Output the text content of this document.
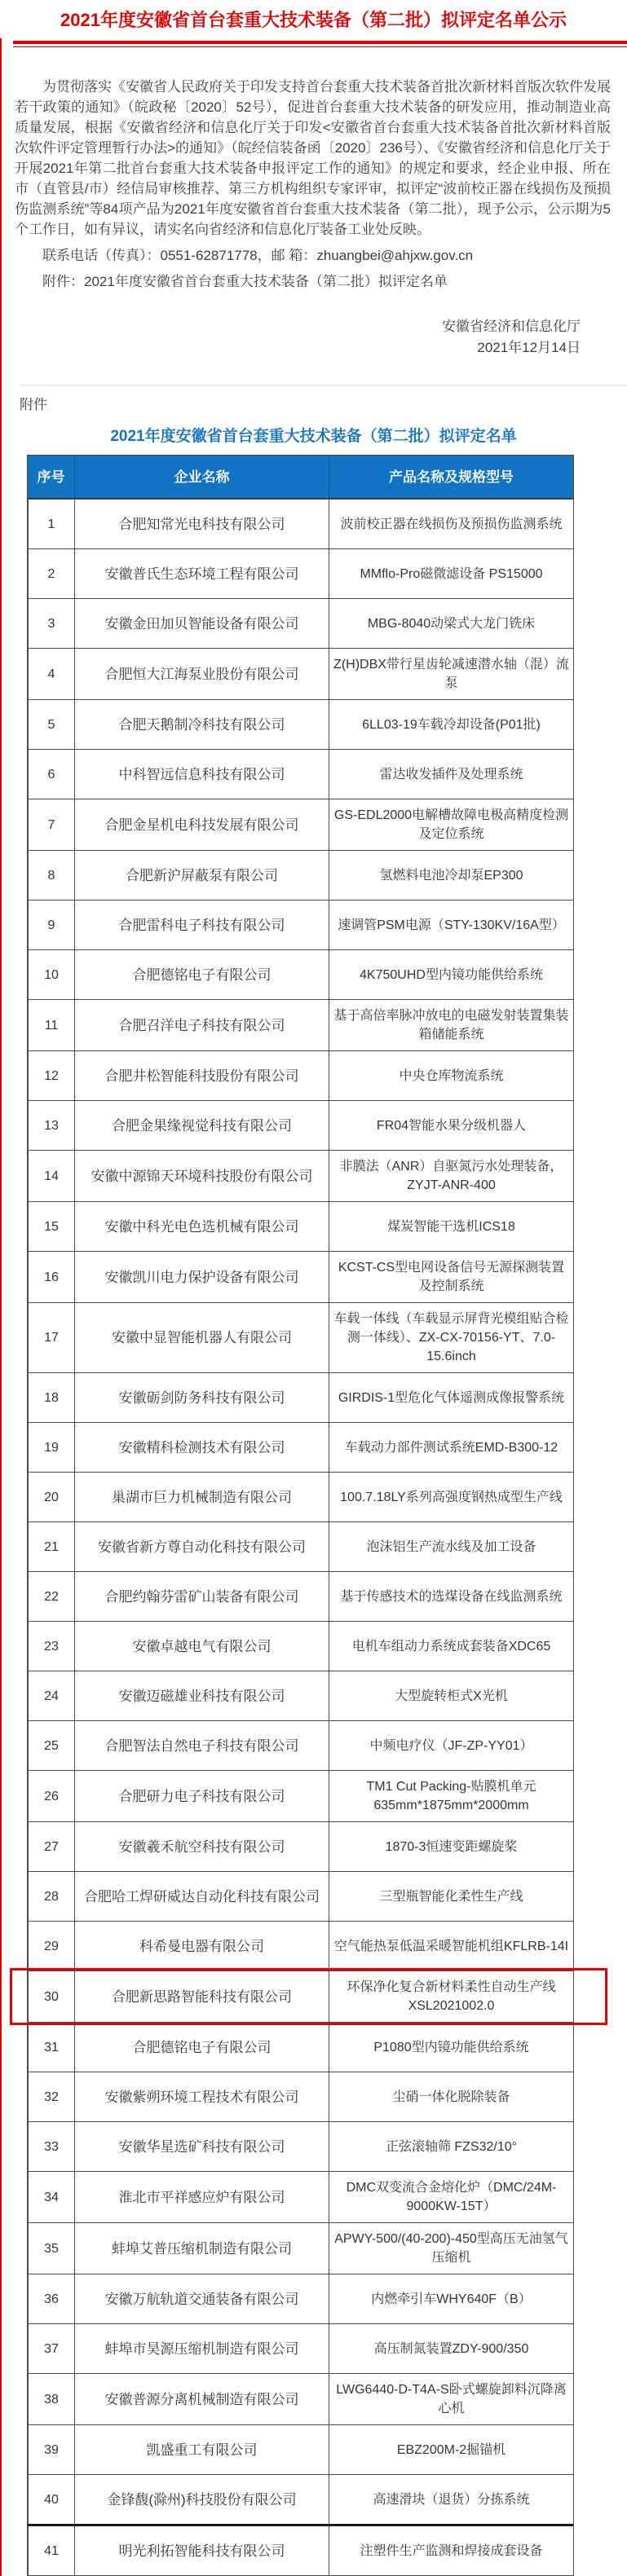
2021年度安徽省首台套重大技术装备（第二批）拟评定名单公示

为贯彻落实《安徽省人民政府关于印发支持首台套重大技术装备首批次新材料首版次软件发展若干政策的通知》（皖政秘〔2020〕52号），促进首台套重大技术装备的研发应用，推动制造业高质量发展，根据《安徽省经济和信息化厅关于印发<安徽省首台套重大技术装备首批次新材料首版次软件评定管理暂行办法>的通知》（皖经信装备函〔2020〕236号）、《安徽省经济和信息化厅关于开展2021年第二批首台套重大技术装备申报评定工作的通知》的规定和要求，经企业申报、所在市（直管县/市）经信局审核推荐、第三方机构组织专家评审，拟评定“波前校正器在线损伤及预损伤监测系统”等84项产品为2021年度安徽省首台套重大技术装备（第二批），现予公示，公示期为5个工作日，如有异议，请实名向省经济和信息化厅装备工业处反映。

联系电话（传真）：0551-62871778，邮 箱：zhuangbei@ahjxw.gov.cn

附件：2021年度安徽省首台套重大技术装备（第二批）拟评定名单

安徽省经济和信息化厅

2021年12月14日

附件

2021年度安徽省首台套重大技术装备（第二批）拟评定名单
序号	企业名称	产品名称及规格型号
1	合肥知常光电科技有限公司	波前校正器在线损伤及预损伤监测系统
2	安徽普氏生态环境工程有限公司	MMflo-Pro磁微滤设备 PS15000
3	安徽金田加贝智能设备有限公司	MBG-8040动梁式大龙门铣床
4	合肥恒大江海泵业股份有限公司
Z(H)DBX带行星齿轮减速潜水轴（混）流泵
5	合肥天鹅制冷科技有限公司	6LL03-19车载冷却设备(P01批)
6	中科智远信息科技有限公司	雷达收发插件及处理系统
7	合肥金星机电科技发展有限公司
GS-EDL2000电解槽故障电极高精度检测及定位系统
8	合肥新沪屏蔽泵有限公司	氢燃料电池冷却泵EP300
9	合肥雷科电子科技有限公司	速调管PSM电源（STY-130KV/16A型）
10	合肥德铭电子有限公司	4K750UHD型内镜功能供给系统
11	合肥召洋电子科技有限公司
基于高倍率脉冲放电的电磁发射装置集装箱储能系统
12	合肥井松智能科技股份有限公司	中央仓库物流系统
13	合肥金果缘视觉科技有限公司	FR04智能水果分级机器人
14	安徽中源锦天环境科技股份有限公司
非膜法（ANR）自驱氮污水处理装备，ZYJT-ANR-400
15	安徽中科光电色选机械有限公司	煤炭智能干选机ICS18
16	安徽凯川电力保护设备有限公司
KCST-CS型电网设备信号无源探测装置及控制系统
17	安徽中显智能机器人有限公司
车载一体线（车载显示屏背光模组贴合检测一体线）、ZX-CX-70156-YT、7.0-15.6inch
18	安徽砺剑防务科技有限公司	GIRDIS-1型危化气体遥测成像报警系统
19	安徽精科检测技术有限公司	车载动力部件测试系统EMD-B300-12
20	巢湖市巨力机械制造有限公司	100.7.18LY系列高强度钢热成型生产线
21	安徽省新方尊自动化科技有限公司	泡沫铝生产流水线及加工设备
22	合肥约翰芬雷矿山装备有限公司	基于传感技术的选煤设备在线监测系统
23	安徽卓越电气有限公司	电机车组动力系统成套装备XDC65
24	安徽迈磁雄业科技有限公司	大型旋转柜式X光机
25	合肥智法自然电子科技有限公司	中频电疗仪（JF-ZP-YY01）
26	合肥研力电子科技有限公司
TM1 Cut Packing-贴膜机单元 635mm*1875mm*2000mm
27	安徽羲禾航空科技有限公司	1870-3恒速变距螺旋桨
28	合肥哈工焊研威达自动化科技有限公司	三型瓶智能化柔性生产线
29	科希曼电器有限公司	空气能热泵低温采暖智能机组KFLRB-14I
30	合肥新思路智能科技有限公司
环保净化复合新材料柔性自动生产线 XSL2021002.0
31	合肥德铭电子有限公司	P1080型内镜功能供给系统
32	安徽紫朔环境工程技术有限公司	尘硝一体化脱除装备
33	安徽华星选矿科技有限公司	正弦滚轴筛 FZS32/10°
34	淮北市平祥感应炉有限公司
DMC双变流合金熔化炉（DMC/24M-9000KW-15T）
35	蚌埠艾普压缩机制造有限公司
APWY-500/(40-200)-450型高压无油氢气压缩机
36	安徽万航轨道交通装备有限公司	内燃牵引车WHY640F（B）
37	蚌埠市昊源压缩机制造有限公司	高压制氮装置ZDY-900/350
38	安徽普源分离机械制造有限公司
LWG6440-D-T4A-S卧式螺旋卸料沉降离心机
39	凯盛重工有限公司	EBZ200M-2掘锚机
40	金锋馥(滁州)科技股份有限公司	高速滑块（退货）分拣系统
41	明光利拓智能科技有限公司	注塑件生产监测和焊接成套设备
